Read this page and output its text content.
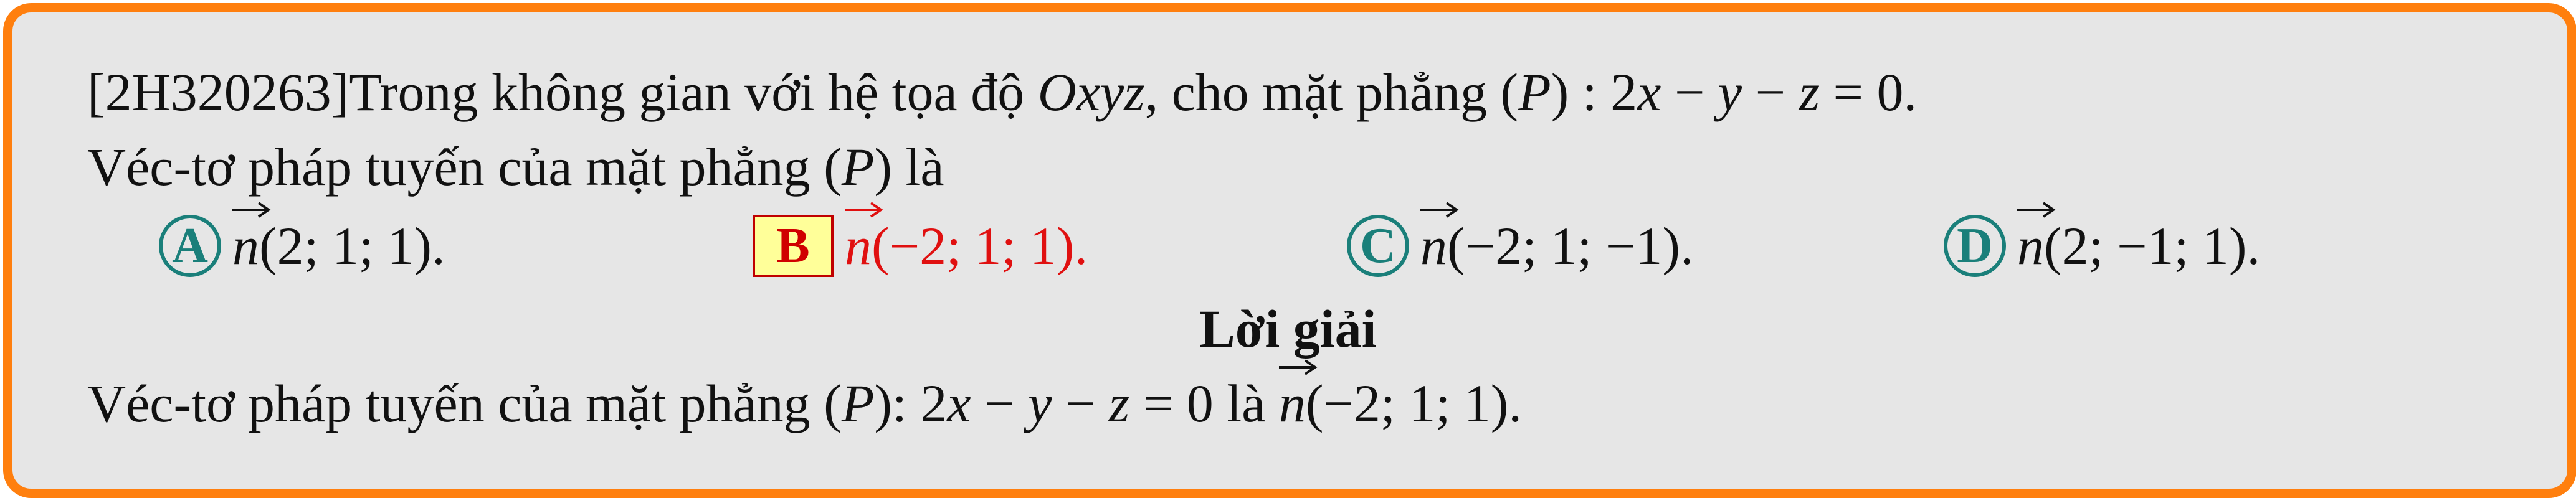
[2H320263]Trong không gian với hệ tọa độ Oxyz, cho mặt phẳng (P) : 2x − y − z = 0.
Véc-tơ pháp tuyến của mặt phẳng (P) là
A n (2; 1; 1).	B n (−2; 1; 1).	C n (−2; 1; −1).	D n (2; −1; 1).
Lời giải
Véc-tơ pháp tuyến của mặt phẳng (P): 2x − y − z = 0 là
n(−2; 1; 1).
